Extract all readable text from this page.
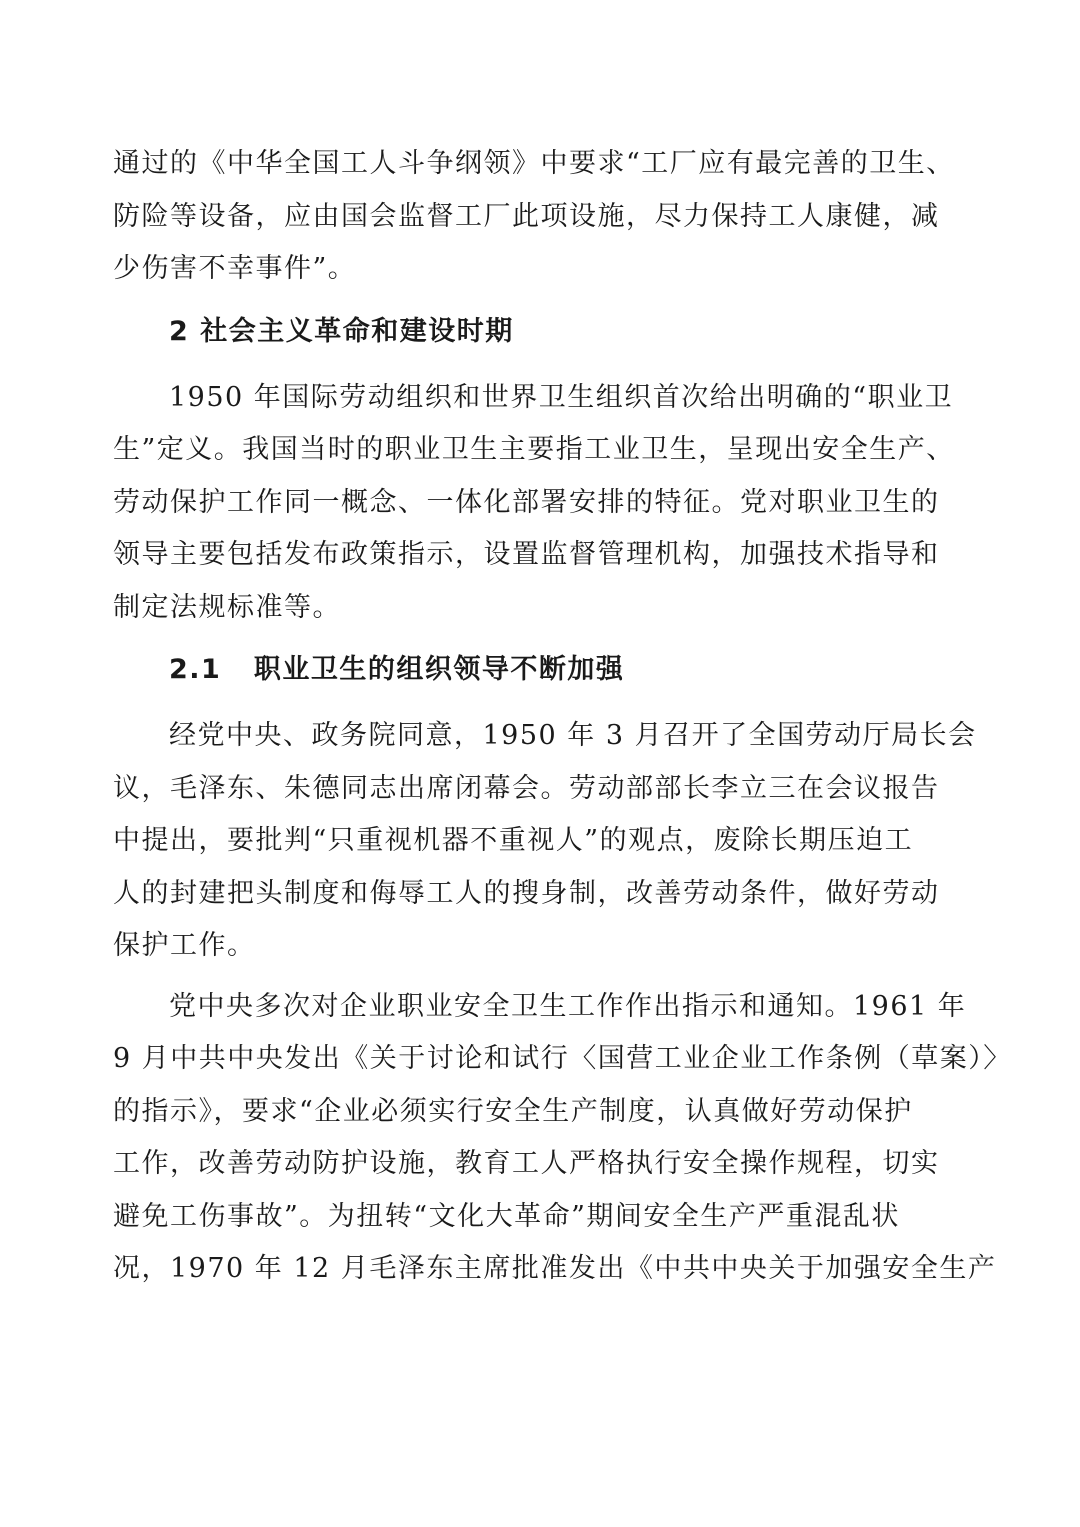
通过的《中华全国工人斗争纲领》中要求“工厂应有最完善的卫生、
防险等设备，应由国会监督工厂此项设施，尽力保持工人康健，减
少伤害不幸事件”。
2 社会主义革命和建设时期
1950 年国际劳动组织和世界卫生组织首次给出明确的“职业卫
生”定义。我国当时的职业卫生主要指工业卫生，呈现出安全生产、
劳动保护工作同一概念、一体化部署安排的特征。党对职业卫生的
领导主要包括发布政策指示，设置监督管理机构，加强技术指导和
制定法规标准等。
2.1 职业卫生的组织领导不断加强
经党中央、政务院同意，1950 年 3 月召开了全国劳动厅局长会
议，毛泽东、朱德同志出席闭幕会。劳动部部长李立三在会议报告
中提出，要批判“只重视机器不重视人”的观点，废除长期压迫工
人的封建把头制度和侮辱工人的搜身制，改善劳动条件，做好劳动
保护工作。
党中央多次对企业职业安全卫生工作作出指示和通知。1961 年
9 月中共中央发出《关于讨论和试行〈国营工业企业工作条例（草案）〉
的指示》，要求“企业必须实行安全生产制度，认真做好劳动保护
工作，改善劳动防护设施，教育工人严格执行安全操作规程，切实
避免工伤事故”。为扭转“文化大革命”期间安全生产严重混乱状
况，1970 年 12 月毛泽东主席批准发出《中共中央关于加强安全生产
